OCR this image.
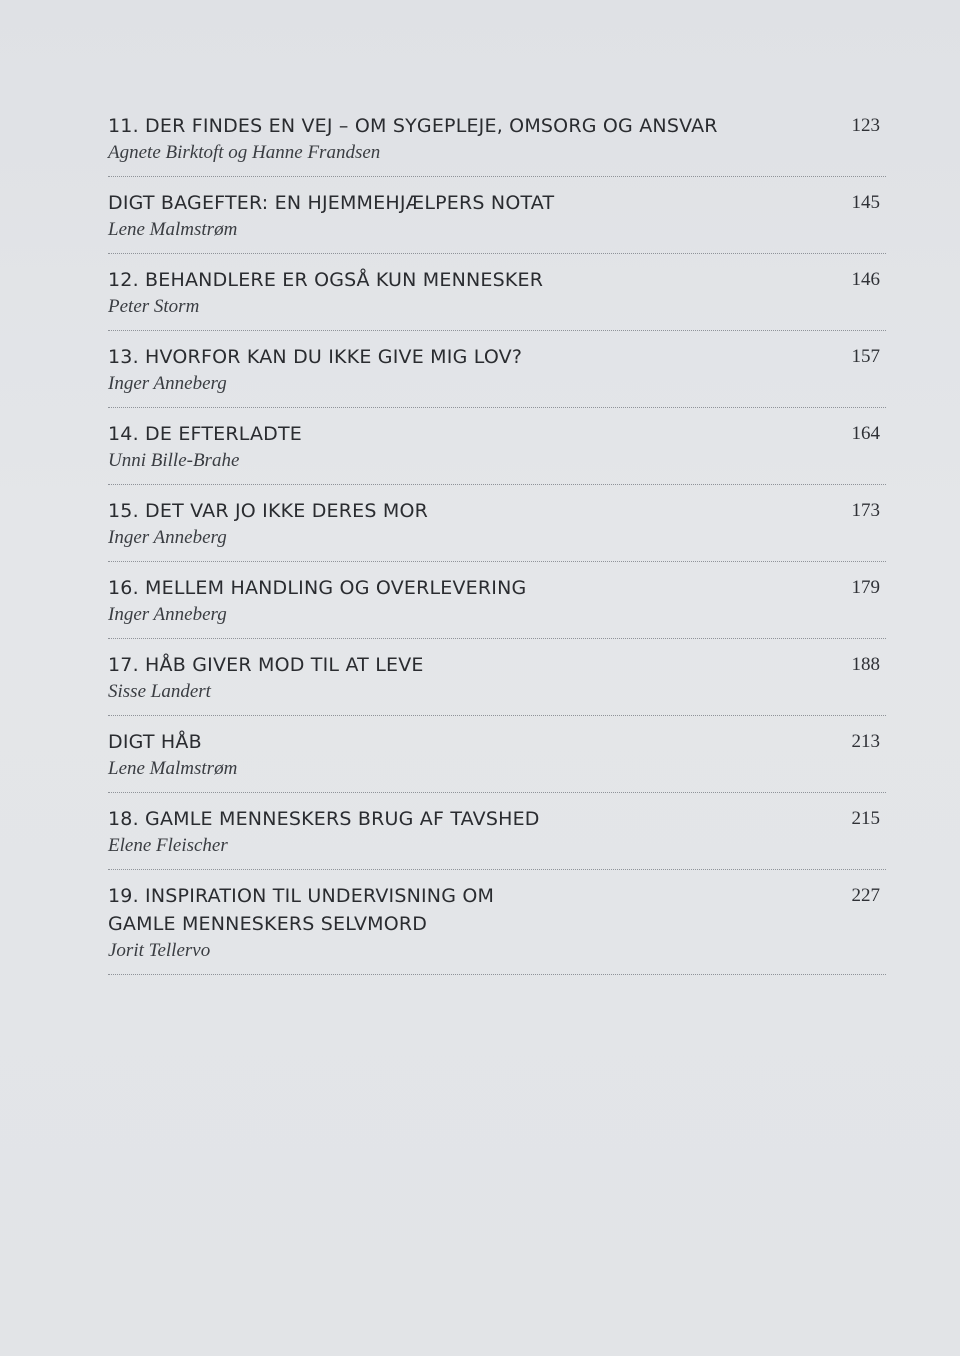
11. DER FINDES EN VEJ – OM SYGEPLEJE, OMSORG OG ANSVAR
Agnete Birktoft og Hanne Frandsen
123
DIGT BAGEFTER: EN HJEMMEHJÆLPERS NOTAT
Lene Malmstrøm
145
12. BEHANDLERE ER OGSÅ KUN MENNESKER
Peter Storm
146
13. HVORFOR KAN DU IKKE GIVE MIG LOV?
Inger Anneberg
157
14. DE EFTERLADTE
Unni Bille-Brahe
164
15. DET VAR JO IKKE DERES MOR
Inger Anneberg
173
16. MELLEM HANDLING OG OVERLEVERING
Inger Anneberg
179
17. HÅB GIVER MOD TIL AT LEVE
Sisse Landert
188
DIGT HÅB
Lene Malmstrøm
213
18. GAMLE MENNESKERS BRUG AF TAVSHED
Elene Fleischer
215
19. INSPIRATION TIL UNDERVISNING OM
GAMLE MENNESKERS SELVMORD
Jorit Tellervo
227
